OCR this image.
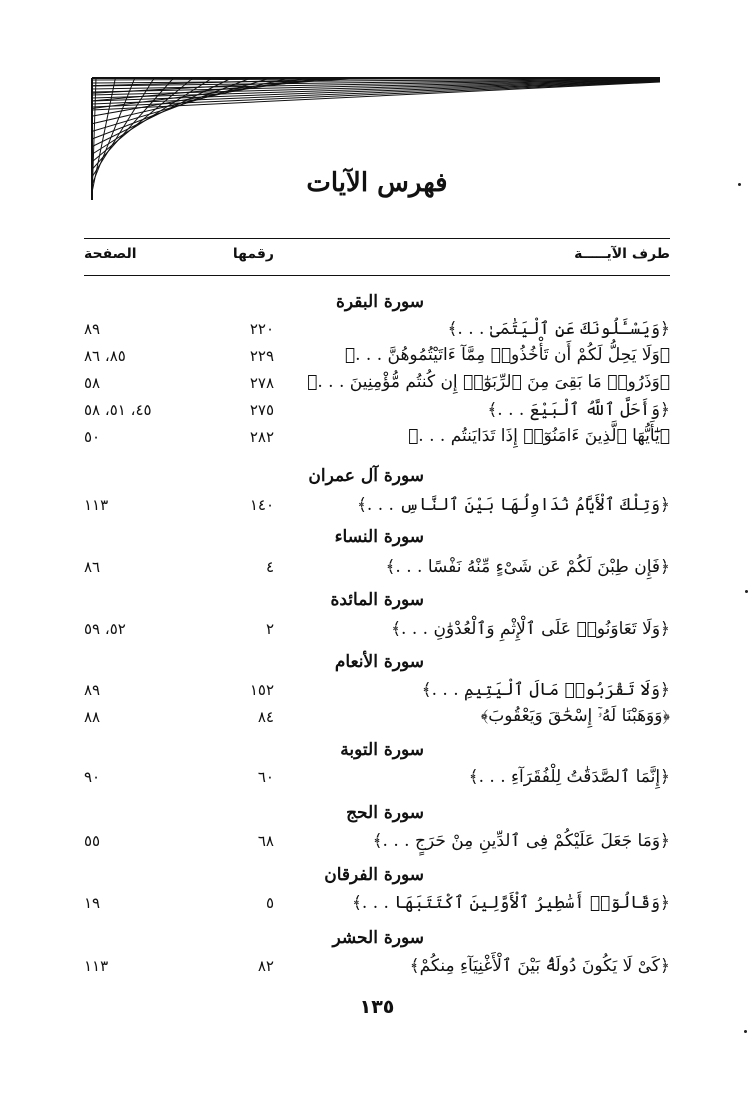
فهرس الآيات
طرف الآيـــــة
رقمها
الصفحة
سورة البقرة
﴿وَيَسْـَٔلُونَكَ عَنِ ٱلْيَتَٰمَىٰ . . .﴾
٢٢٠
٨٩
﴿وَلَا يَحِلُّ لَكُمْ أَن تَأْخُذُوا۟ مِمَّآ ءَاتَيْتُمُوهُنَّ . . .﴾
٢٢٩
٨٥، ٨٦
﴿وَذَرُوا۟ مَا بَقِىَ مِنَ ٱلرِّبَوٰٓا۟ إِن كُنتُم مُّؤْمِنِينَ . . .﴾
٢٧٨
٥٨
﴿وَأَحَلَّ ٱللَّهُ ٱلْبَيْعَ . . .﴾
٢٧٥
٤٥، ٥١، ٥٨
﴿يَٰٓأَيُّهَا ٱلَّذِينَ ءَامَنُوٓا۟ إِذَا تَدَايَنتُم . . .﴾
٢٨٢
٥٠
سورة آل عمران
﴿وَتِلْكَ ٱلْأَيَّامُ نُدَاوِلُهَا بَيْنَ ٱلنَّاسِ . . .﴾
١٤٠
١١٣
سورة النساء
﴿فَإِن طِبْنَ لَكُمْ عَن شَىْءٍ مِّنْهُ نَفْسًا . . .﴾
٤
٨٦
سورة المائدة
﴿وَلَا تَعَاوَنُوا۟ عَلَى ٱلْإِثْمِ وَٱلْعُدْوَٰنِ . . .﴾
٢
٥٢، ٥٩
سورة الأنعام
﴿وَلَا تَقْرَبُوا۟ مَالَ ٱلْيَتِيمِ . . .﴾
١٥٢
٨٩
﴿وَوَهَبْنَا لَهُۥٓ إِسْحَٰقَ وَيَعْقُوبَ﴾
٨٤
٨٨
سورة التوبة
﴿إِنَّمَا ٱلصَّدَقَٰتُ لِلْفُقَرَآءِ . . .﴾
٦٠
٩٠
سورة الحج
﴿وَمَا جَعَلَ عَلَيْكُمْ فِى ٱلدِّينِ مِنْ حَرَجٍ . . .﴾
٦٨
٥٥
سورة الفرقان
﴿وَقَالُوٓا۟ أَسَٰطِيرُ ٱلْأَوَّلِينَ ٱكْتَتَبَهَا . . .﴾
٥
١٩
سورة الحشر
﴿كَىْ لَا يَكُونَ دُولَةًۢ بَيْنَ ٱلْأَغْنِيَآءِ مِنكُمْ﴾
٨٢
١١٣
١٣٥
